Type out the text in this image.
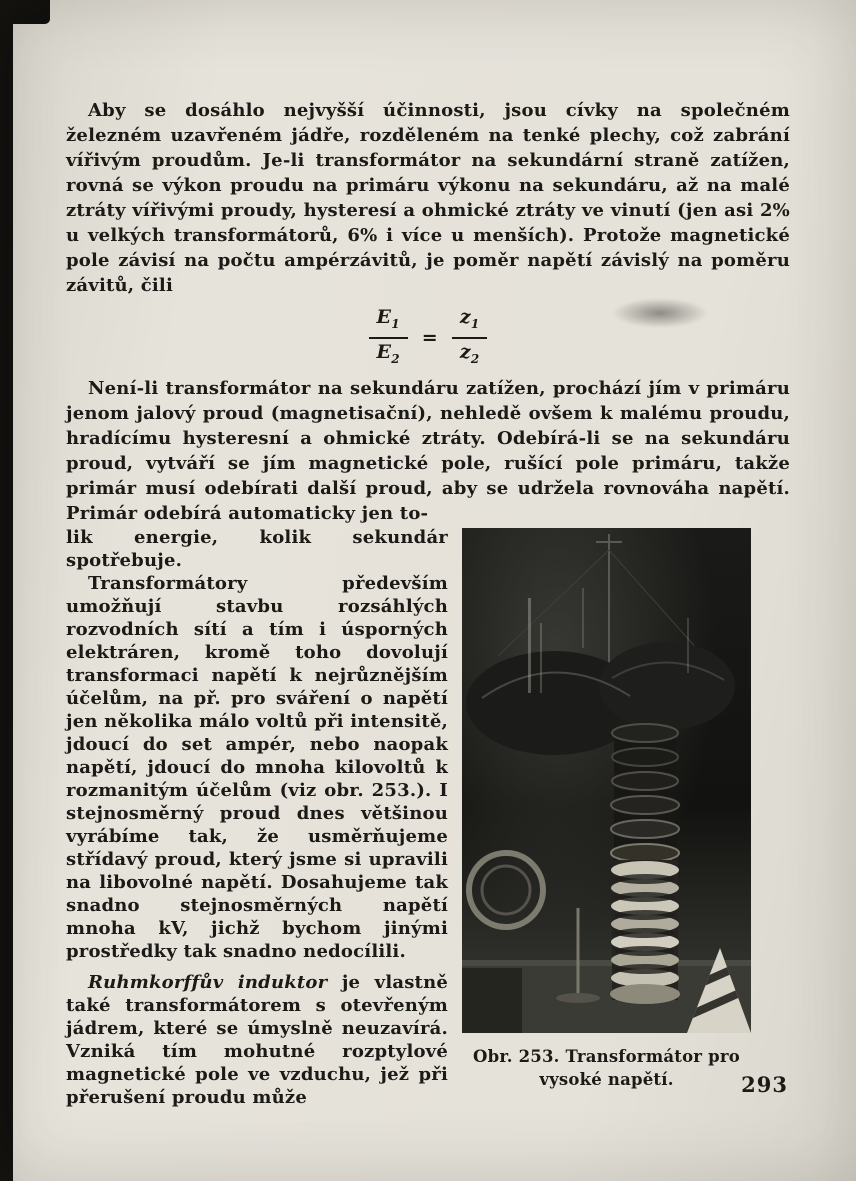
Aby se dosáhlo nejvyšší účinnosti, jsou cívky na společném železném uzavřeném jádře, rozděleném na tenké plechy, což zabrání vířivým proudům. Je-li transformátor na sekundární straně zatížen, rovná se výkon proudu na primáru výkonu na sekundáru, až na malé ztráty vířivými proudy, hysteresí a ohmické ztráty ve vinutí (jen asi 2% u velkých transformátorů, 6% i více u menších). Protože magnetické pole závisí na počtu ampérzávitů, je poměr napětí závislý na poměru závitů, čili

$\frac{E_1}{E_2} = \frac{z_1}{z_2}$

Není-li transformátor na sekundáru zatížen, prochází jím v primáru jenom jalový proud (magnetisační), nehledě ovšem k malému proudu, hradícímu hysteresní a ohmické ztráty. Odebírá-li se na sekundáru proud, vytváří se jím magnetické pole, rušící pole primáru, takže primár musí odebírati další proud, aby se udržela rovnováha napětí. Primár odebírá automaticky jen to-

lik energie, kolik sekundár spotřebuje.

Transformátory především umožňují stavbu rozsáhlých rozvodních sítí a tím i úsporných elektráren, kromě toho dovolují transformaci napětí k nejrůznějším účelům, na př. pro sváření o napětí jen několika málo voltů při intensitě, jdoucí do set ampér, nebo naopak napětí, jdoucí do mnoha kilovoltů k rozmanitým účelům (viz obr. 253.). I stejnosměrný proud dnes většinou vyrábíme tak, že usměrňujeme střídavý proud, který jsme si upravili na libovolné napětí. Dosahujeme tak snadno stejnosměrných napětí mnoha kV, jichž bychom jinými prostředky tak snadno nedocílili.

Ruhmkorffův induktor je vlastně také transformátorem s otevřeným jádrem, které se úmyslně neuzavírá. Vzniká tím mohutné rozptylové magnetické pole ve vzduchu, jež při přerušení proudu může

Obr. 253. Transformátor pro
vysoké napětí.	293
